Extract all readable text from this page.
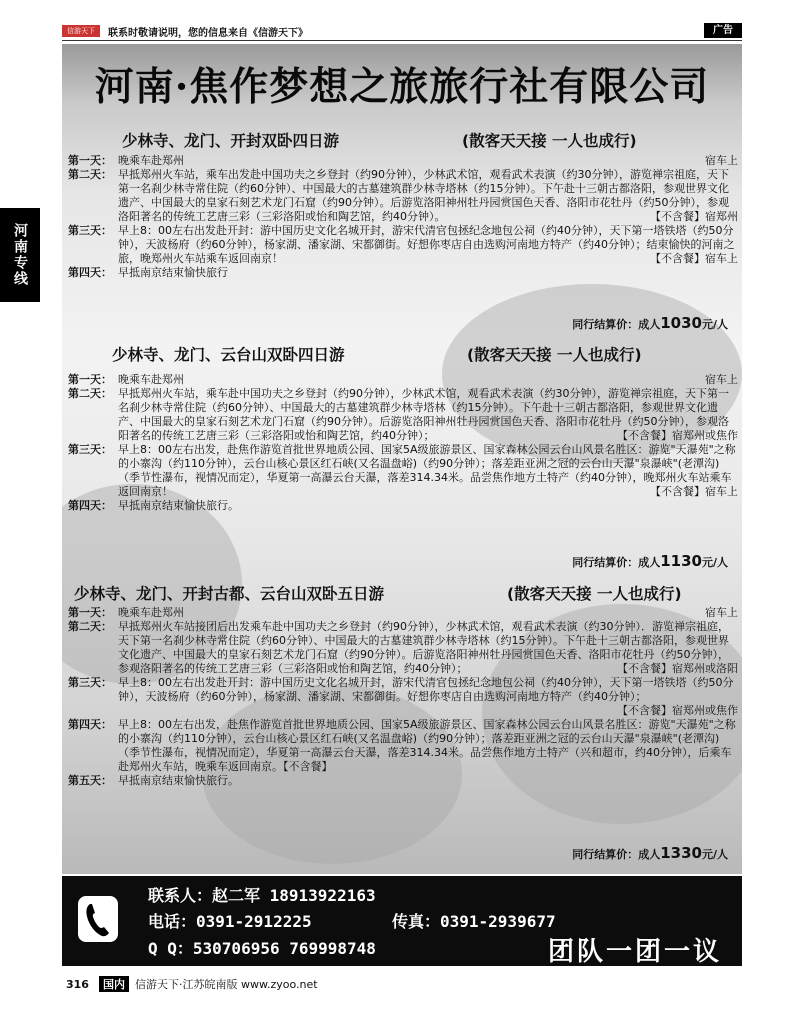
信游天下	联系时敬请说明，您的信息来自《信游天下》	广告
河南专线
河南·焦作梦想之旅旅行社有限公司
少林寺、龙门、开封双卧四日游	(散客天天接 一人也成行)
第一天：	宿车上
晚乘车赴郑州
第二天： 早抵郑州火车站，乘车出发赴中国功夫之乡登封（约90分钟），少林武术馆，观看武术表演（约30分钟），游览禅宗祖庭，天下第一名刹少林寺常住院（约60分钟）、中国最大的古墓建筑群少林寺塔林（约15分钟）。下午赴十三朝古都洛阳，参观世界文化遗产、中国最大的皇家石刻艺术龙门石窟（约90分钟）。后游览洛阳神州牡丹园赏国色天香、洛阳市花牡丹（约50分钟），参观洛阳著名的传统工艺唐三彩（三彩洛阳或怡和陶艺馆，约40分钟）。	【不含餐】宿郑州
第三天： 早上8：00左右出发赴开封：游中国历史文化名城开封，游宋代清官包拯纪念地包公祠（约40分钟），天下第一塔铁塔（约50分钟），天波杨府（约60分钟），杨家湖、潘家湖、宋都御街。好想你枣店自由选购河南地方特产（约40分钟）；结束愉快的河南之旅，晚郑州火车站乘车返回南京！	【不含餐】宿车上
第四天： 早抵南京结束愉快旅行
同行结算价：成人1030元/人
少林寺、龙门、云台山双卧四日游	(散客天天接 一人也成行)
第一天：	宿车上
晚乘车赴郑州
第二天： 早抵郑州火车站，乘车赴中国功夫之乡登封（约90分钟），少林武术馆，观看武术表演（约30分钟），游览禅宗祖庭，天下第一名刹少林寺常住院（约60分钟）、中国最大的古墓建筑群少林寺塔林（约15分钟）。下午赴十三朝古都洛阳，参观世界文化遗产、中国最大的皇家石刻艺术龙门石窟（约90分钟）。后游览洛阳神州牡丹园赏国色天香、洛阳市花牡丹（约50分钟），参观洛阳著名的传统工艺唐三彩（三彩洛阳或怡和陶艺馆，约40分钟）；	【不含餐】宿郑州或焦作
第三天： 早上8：00左右出发，赴焦作游览首批世界地质公园、国家5A级旅游景区、国家森林公园云台山风景名胜区：游览"天瀑苑"之称的小寨沟（约110分钟），云台山核心景区红石峡(又名温盘峪)（约90分钟）；落差距亚洲之冠的云台山天瀑"泉瀑峡"(老潭沟)（季节性瀑布，视情况而定），华夏第一高瀑云台天瀑，落差314.34米。品尝焦作地方土特产（约40分钟），晚郑州火车站乘车返回南京！	【不含餐】宿车上
第四天： 早抵南京结束愉快旅行。
同行结算价：成人1130元/人
少林寺、龙门、开封古都、云台山双卧五日游	(散客天天接 一人也成行)
第一天：	宿车上
晚乘车赴郑州
第二天： 早抵郑州火车站接团后出发乘车赴中国功夫之乡登封（约90分钟），少林武术馆，观看武术表演（约30分钟）．游览禅宗祖庭，天下第一名刹少林寺常住院（约60分钟）、中国最大的古墓建筑群少林寺塔林（约15分钟）。下午赴十三朝古都洛阳，参观世界文化遗产、中国最大的皇家石刻艺术龙门石窟（约90分钟）。后游览洛阳神州牡丹园赏国色天香、洛阳市花牡丹（约50分钟），参观洛阳著名的传统工艺唐三彩（三彩洛阳或怡和陶艺馆，约40分钟）；	【不含餐】宿郑州或洛阳
第三天： 早上8：00左右出发赴开封：游中国历史文化名城开封，游宋代清官包拯纪念地包公祠（约40分钟），天下第一塔铁塔（约50分钟），天波杨府（约60分钟），杨家湖、潘家湖、宋都御街。好想你枣店自由选购河南地方特产（约40分钟）；
【不含餐】宿郑州或焦作
第四天： 早上8：00左右出发，赴焦作游览首批世界地质公园、国家5A级旅游景区、国家森林公园云台山风景名胜区：游览"天瀑苑"之称的小寨沟（约110分钟），云台山核心景区红石峡(又名温盘峪)（约90分钟）；落差距亚洲之冠的云台山天瀑"泉瀑峡"(老潭沟)（季节性瀑布，视情况而定），华夏第一高瀑云台天瀑，落差314.34米。品尝焦作地方土特产（兴和超市，约40分钟），后乘车赴郑州火车站，晚乘车返回南京。【不含餐】
第五天： 早抵南京结束愉快旅行。
同行结算价：成人1330元/人
联系人：赵二军 18913922163
电话：0391-2912225	传真：0391-2939677
Q Q：530706956 769998748	团队一团一议
316	国内 信游天下·江苏皖南版 www.zyoo.net
